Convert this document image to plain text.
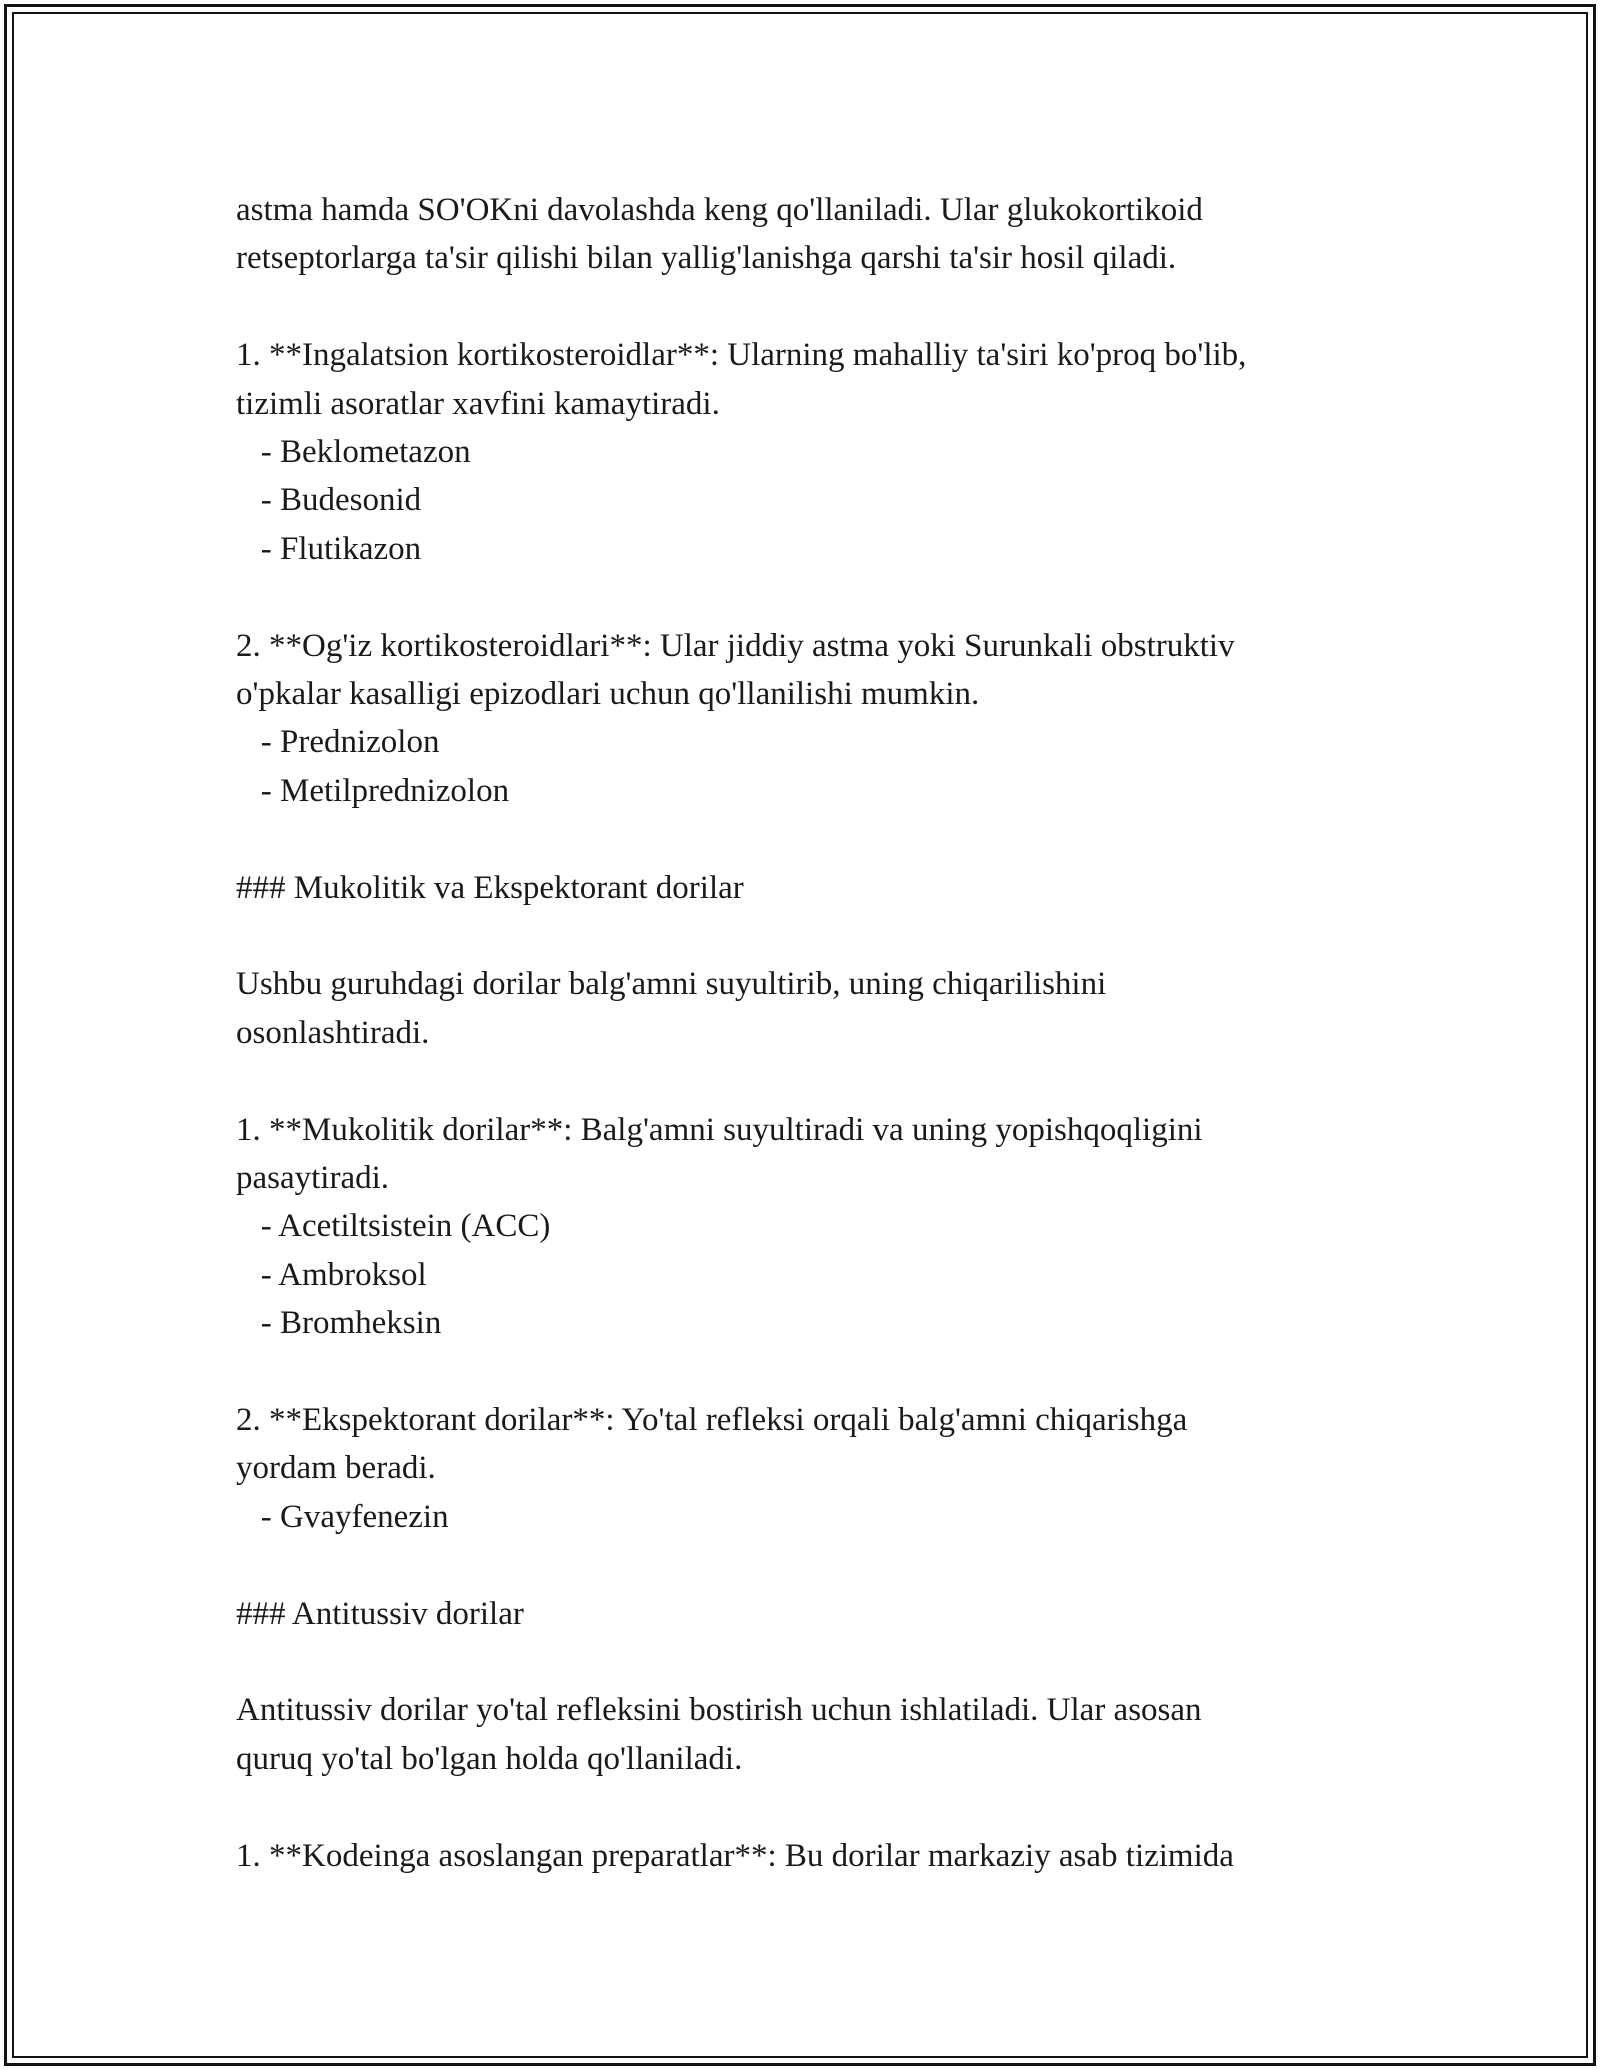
astma hamda SO'OKni davolashda keng qo'llaniladi. Ular glukokortikoid
retseptorlarga ta'sir qilishi bilan yallig'lanishga qarshi ta'sir hosil qiladi.
1. **Ingalatsion kortikosteroidlar**: Ularning mahalliy ta'siri ko'proq bo'lib,
tizimli asoratlar xavfini kamaytiradi.
- Beklometazon
- Budesonid
- Flutikazon
2. **Og'iz kortikosteroidlari**: Ular jiddiy astma yoki Surunkali obstruktiv
o'pkalar kasalligi epizodlari uchun qo'llanilishi mumkin.
- Prednizolon
- Metilprednizolon
### Mukolitik va Ekspektorant dorilar
Ushbu guruhdagi dorilar balg'amni suyultirib, uning chiqarilishini
osonlashtiradi.
1. **Mukolitik dorilar**: Balg'amni suyultiradi va uning yopishqoqligini
pasaytiradi.
- Acetiltsistein (ACC)
- Ambroksol
- Bromheksin
2. **Ekspektorant dorilar**: Yo'tal refleksi orqali balg'amni chiqarishga
yordam beradi.
- Gvayfenezin
### Antitussiv dorilar
Antitussiv dorilar yo'tal refleksini bostirish uchun ishlatiladi. Ular asosan
quruq yo'tal bo'lgan holda qo'llaniladi.
1. **Kodeinga asoslangan preparatlar**: Bu dorilar markaziy asab tizimida
